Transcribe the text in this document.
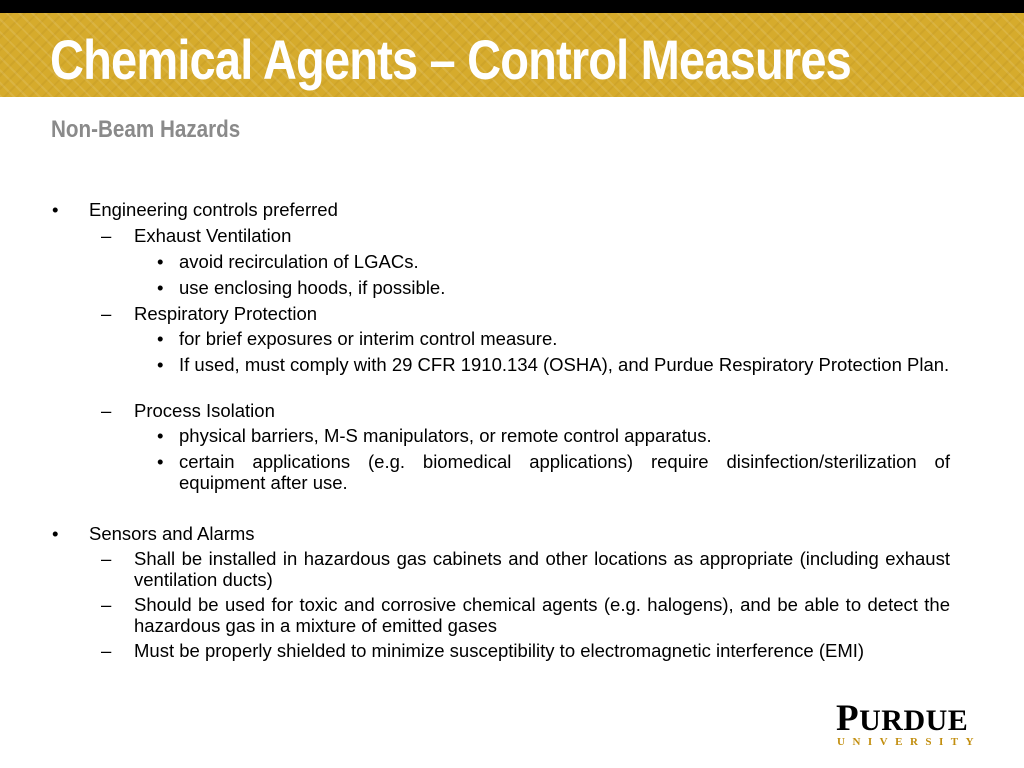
Chemical Agents – Control Measures
Non-Beam Hazards
• Engineering controls preferred
– Exhaust Ventilation
• avoid recirculation of LGACs.
• use enclosing hoods, if possible.
– Respiratory Protection
• for brief exposures or interim control measure.
• If used, must comply with 29 CFR 1910.134 (OSHA), and Purdue Respiratory Protection Plan.
– Process Isolation
• physical barriers, M-S manipulators, or remote control apparatus.
• certain applications (e.g. biomedical applications) require disinfection/sterilization of equipment after use.
• Sensors and Alarms
– Shall be installed in hazardous gas cabinets and other locations as appropriate (including exhaust ventilation ducts)
– Should be used for toxic and corrosive chemical agents (e.g. halogens), and be able to detect the hazardous gas in a mixture of emitted gases
– Must be properly shielded to minimize susceptibility to electromagnetic interference (EMI)
PURDUE
UNIVERSITY
